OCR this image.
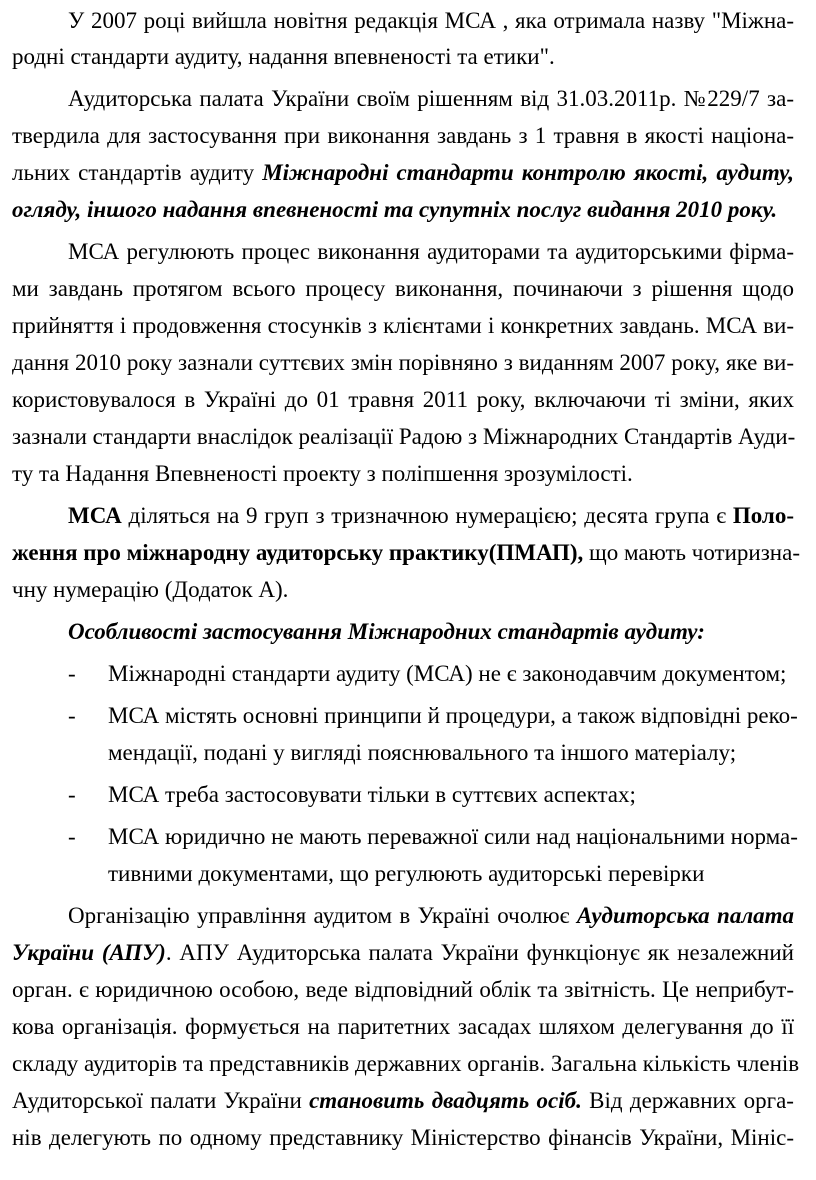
У 2007 році вийшла новітня редакція МСА , яка отримала назву "Міжна-
родні стандарти аудиту, надання впевненості та етики".
Аудиторська палата України своїм рішенням від 31.03.2011р. №229/7 за-
твердила для застосування при виконання завдань з 1 травня в якості націона-
льних стандартів аудиту Міжнародні стандарти контролю якості, аудиту,
огляду, іншого надання впевненості та супутніх послуг видання 2010 року.
МСА регулюють процес виконання аудиторами та аудиторськими фірма-
ми завдань протягом всього процесу виконання, починаючи з рішення щодо
прийняття і продовження стосунків з клієнтами і конкретних завдань. МСА ви-
дання 2010 року зазнали суттєвих змін порівняно з виданням 2007 року, яке ви-
користовувалося в Україні до 01 травня 2011 року, включаючи ті зміни, яких
зазнали стандарти внаслідок реалізації Радою з Міжнародних Стандартів Ауди-
ту та Надання Впевненості проекту з поліпшення зрозумілості.
МСА діляться на 9 груп з тризначною нумерацією; десята група є Поло-
ження про міжнародну аудиторську практику(ПМАП), що мають чотиризна-
чну нумерацію (Додаток А).
Особливості застосування Міжнародних стандартів аудиту:
- Міжнародні стандарти аудиту (МСА) не є законодавчим документом;
МСА містять основні принципи й процедури, а також відповідні реко-
-
мендації, подані у вигляді пояснювального та іншого матеріалу;
- МСА треба застосовувати тільки в суттєвих аспектах;
МСА юридично не мають переважної сили над національними норма-
-
тивними документами, що регулюють аудиторські перевірки
Організацію управління аудитом в Україні очолює Аудиторська палата
України (АПУ). АПУ Аудиторська палата України функціонує як незалежний
орган. є юридичною особою, веде відповідний облік та звітність. Це неприбут-
кова організація. формується на паритетних засадах шляхом делегування до її
складу аудиторів та представників державних органів. Загальна кількість членів
Аудиторської палати України становить двадцять осіб. Від державних орга-
нів делегують по одному представнику Міністерство фінансів України, Мініс-
